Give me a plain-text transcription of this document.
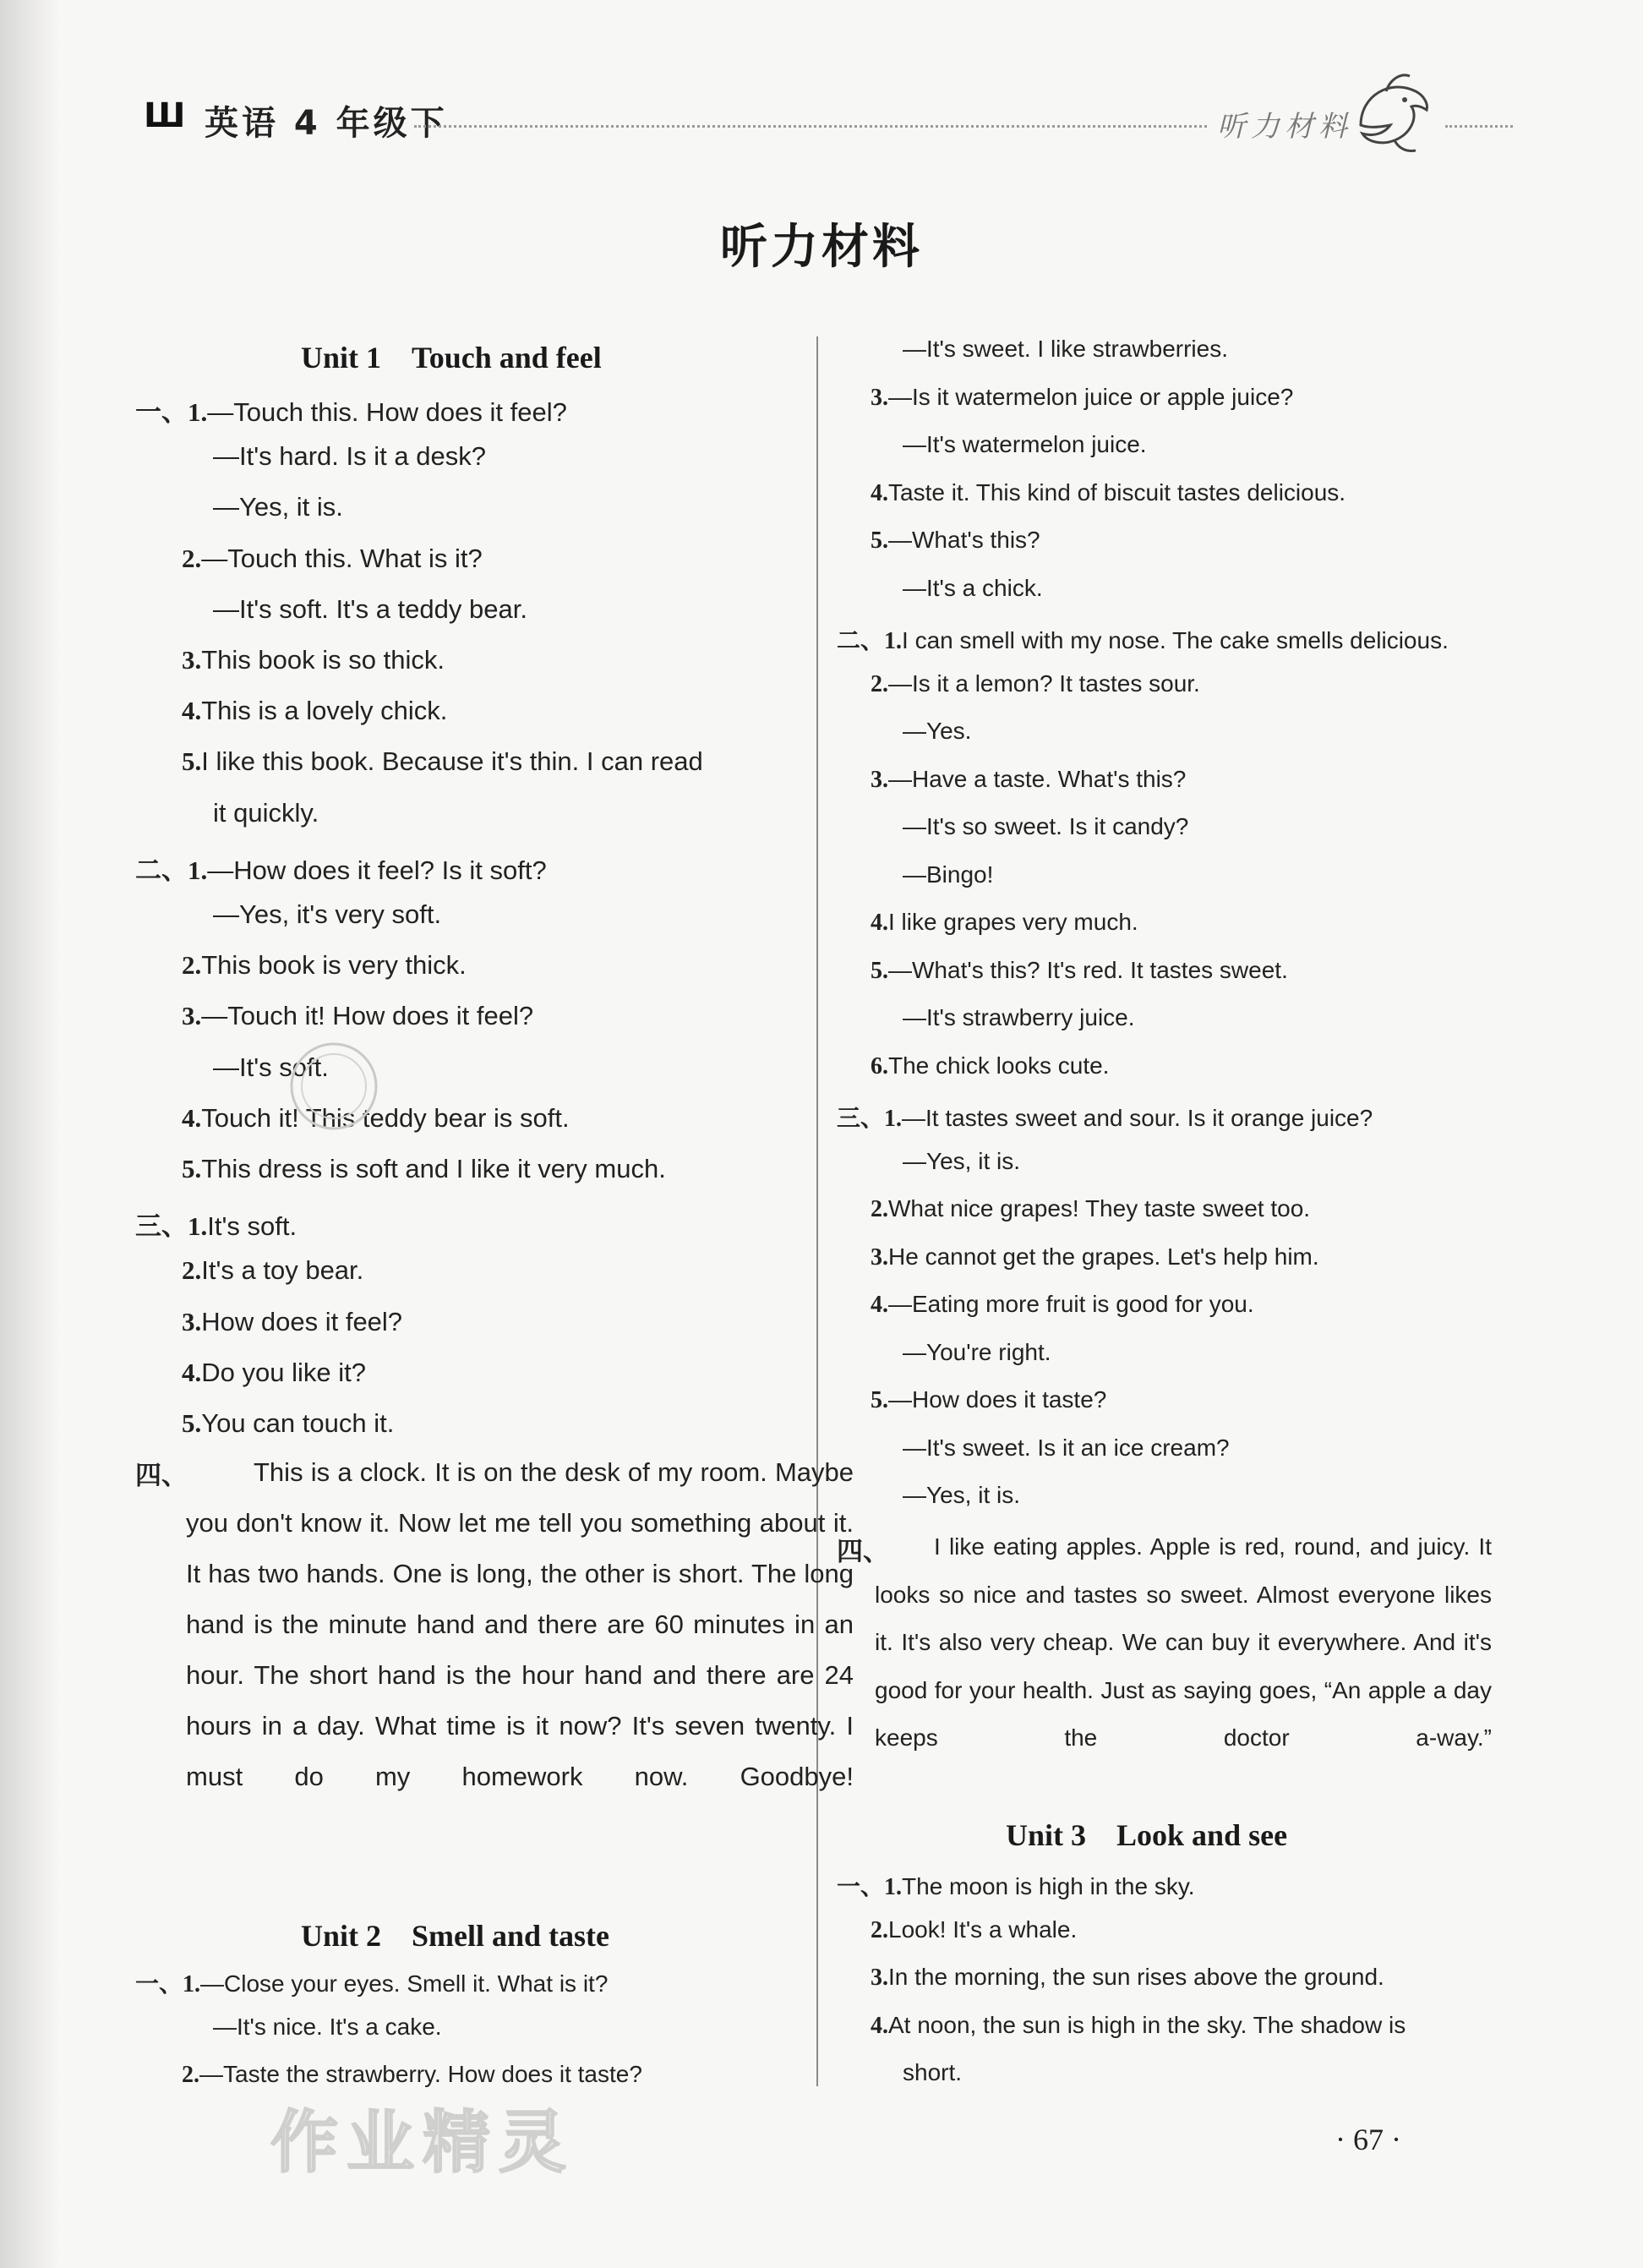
Ш 英语 4 年级下	听力材料
听力材料
Unit 1　Touch and feel
一、1.—Touch this. How does it feel?
—It's hard. Is it a desk?
—Yes, it is.
2.—Touch this. What is it?
—It's soft. It's a teddy bear.
3.This book is so thick.
4.This is a lovely chick.
5.I like this book. Because it's thin. I can read
it quickly.
二、1.—How does it feel? Is it soft?
—Yes, it's very soft.
2.This book is very thick.
3.—Touch it! How does it feel?
—It's soft.
4.Touch it! This teddy bear is soft.
5.This dress is soft and I like it very much.
三、1.It's soft.
2.It's a toy bear.
3.How does it feel?
4.Do you like it?
5.You can touch it.
四、	This is a clock. It is on the desk of my room. Maybe you don't know it. Now let me tell you something about it. It has two hands. One is long, the other is short. The long hand is the minute hand and there are 60 minutes in an hour. The short hand is the hour hand and there are 24 hours in a day. What time is it now? It's seven twenty. I must do my homework now. Goodbye!
Unit 2　Smell and taste
一、1.—Close your eyes. Smell it. What is it?
—It's nice. It's a cake.
2.—Taste the strawberry. How does it taste?
—It's sweet. I like strawberries.
3.—Is it watermelon juice or apple juice?
—It's watermelon juice.
4.Taste it. This kind of biscuit tastes delicious.
5.—What's this?
—It's a chick.
二、1.I can smell with my nose. The cake smells delicious.
2.—Is it a lemon? It tastes sour.
—Yes.
3.—Have a taste. What's this?
—It's so sweet. Is it candy?
—Bingo!
4.I like grapes very much.
5.—What's this? It's red. It tastes sweet.
—It's strawberry juice.
6.The chick looks cute.
三、1.—It tastes sweet and sour. Is it orange juice?
—Yes, it is.
2.What nice grapes! They taste sweet too.
3.He cannot get the grapes. Let's help him.
4.—Eating more fruit is good for you.
—You're right.
5.—How does it taste?
—It's sweet. Is it an ice cream?
—Yes, it is.
四、	I like eating apples. Apple is red, round, and juicy. It looks so nice and tastes so sweet. Almost everyone likes it. It's also very cheap. We can buy it everywhere. And it's good for your health. Just as saying goes, “An apple a day keeps the doctor a-way.”
Unit 3　Look and see
一、1.The moon is high in the sky.
2.Look! It's a whale.
3.In the morning, the sun rises above the ground.
4.At noon, the sun is high in the sky. The shadow is
short.
作业精灵	· 67 ·
